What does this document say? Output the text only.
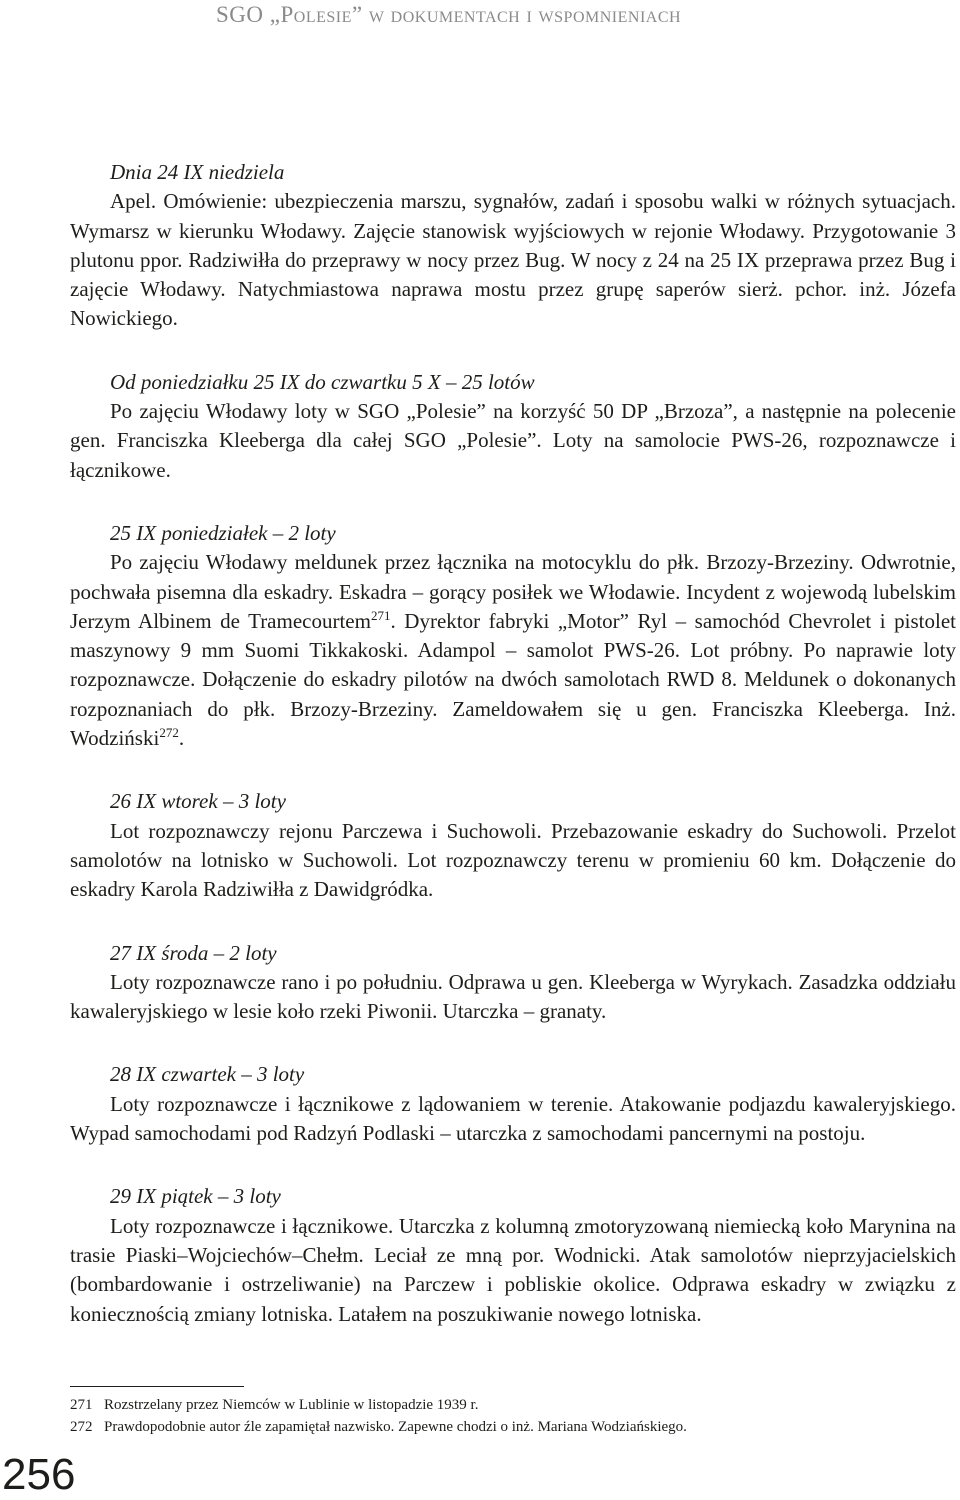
SGO „Polesie” w dokumentach i wspomnieniach

Dnia 24 IX niedziela

Apel. Omówienie: ubezpieczenia marszu, sygnałów, zadań i sposobu walki w różnych sytuacjach. Wymarsz w kierunku Włodawy. Zajęcie stanowisk wyjściowych w rejonie Włodawy. Przygotowanie 3 plutonu ppor. Radziwiłła do przeprawy w nocy przez Bug. W nocy z 24 na 25 IX przeprawa przez Bug i zajęcie Włodawy. Natychmiastowa naprawa mostu przez grupę saperów sierż. pchor. inż. Józefa Nowickiego.

Od poniedziałku 25 IX do czwartku 5 X – 25 lotów

Po zajęciu Włodawy loty w SGO „Polesie” na korzyść 50 DP „Brzoza”, a następnie na polecenie gen. Franciszka Kleeberga dla całej SGO „Polesie”. Loty na samolocie PWS-26, rozpoznawcze i łącznikowe.

25 IX poniedziałek – 2 loty

Po zajęciu Włodawy meldunek przez łącznika na motocyklu do płk. Brzozy-Brzeziny. Odwrotnie, pochwała pisemna dla eskadry. Eskadra – gorący posiłek we Włodawie. Incydent z wojewodą lubelskim Jerzym Albinem de Tramecourtem$^{271}$. Dyrektor fabryki „Motor” Ryl – samochód Chevrolet i pistolet maszynowy 9 mm Suomi Tikkakoski. Adampol – samolot PWS-26. Lot próbny. Po naprawie loty rozpoznawcze. Dołączenie do eskadry pilotów na dwóch samolotach RWD 8. Meldunek o dokonanych rozpoznaniach do płk. Brzozy-Brzeziny. Zameldowałem się u gen. Franciszka Kleeberga. Inż. Wodziński$^{272}$.

26 IX wtorek – 3 loty

Lot rozpoznawczy rejonu Parczewa i Suchowoli. Przebazowanie eskadry do Suchowoli. Przelot samolotów na lotnisko w Suchowoli. Lot rozpoznawczy terenu w promieniu 60 km. Dołączenie do eskadry Karola Radziwiłła z Dawidgródka.

27 IX środa – 2 loty

Loty rozpoznawcze rano i po południu. Odprawa u gen. Kleeberga w Wyrykach. Zasadzka oddziału kawaleryjskiego w lesie koło rzeki Piwonii. Utarczka – granaty.

28 IX czwartek – 3 loty

Loty rozpoznawcze i łącznikowe z lądowaniem w terenie. Atakowanie podjazdu kawaleryjskiego. Wypad samochodami pod Radzyń Podlaski – utarczka z samochodami pancernymi na postoju.

29 IX piątek – 3 loty

Loty rozpoznawcze i łącznikowe. Utarczka z kolumną zmotoryzowaną niemiecką koło Marynina na trasie Piaski–Wojciechów–Chełm. Leciał ze mną por. Wodnicki. Atak samolotów nieprzyjacielskich (bombardowanie i ostrzeliwanie) na Parczew i pobliskie okolice. Odprawa eskadry w związku z koniecznością zmiany lotniska. Latałem na poszukiwanie nowego lotniska.

271 Rozstrzelany przez Niemców w Lublinie w listopadzie 1939 r.

272 Prawdopodobnie autor źle zapamiętał nazwisko. Zapewne chodzi o inż. Mariana Wodziańskiego.

256
